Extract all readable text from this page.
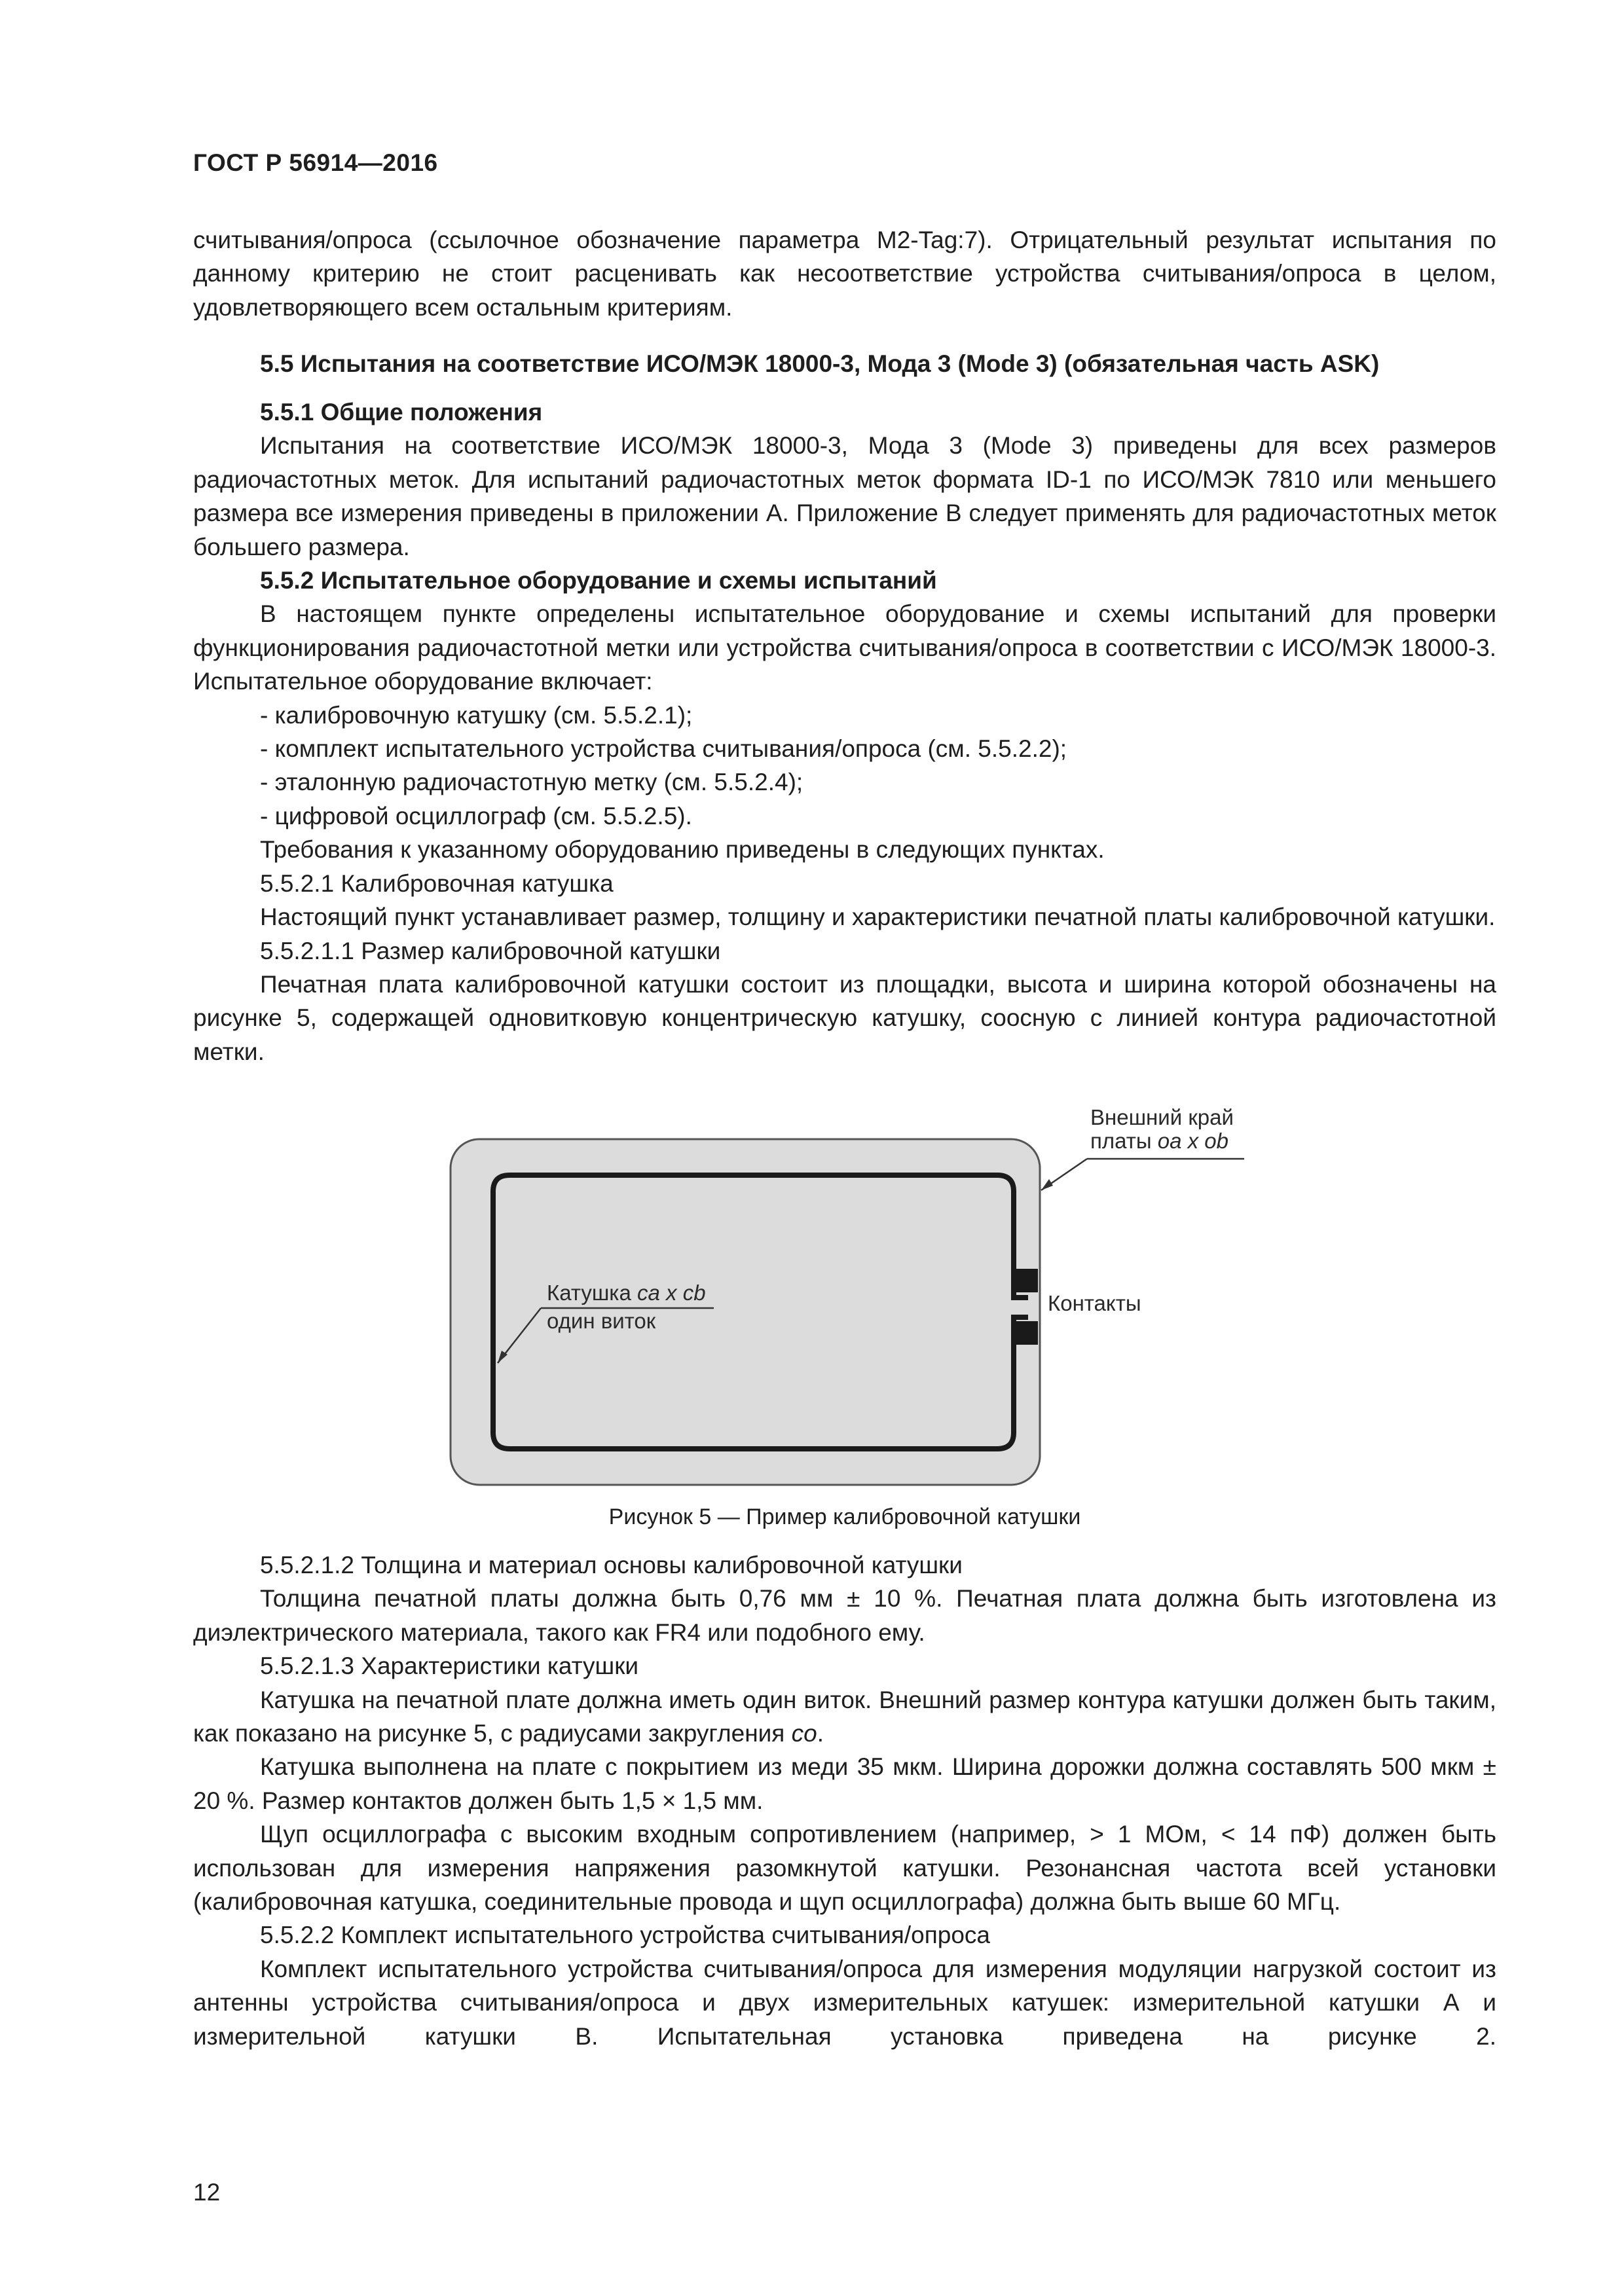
ГОСТ Р 56914—2016

считывания/опроса (ссылочное обозначение параметра M2-Tag:7). Отрицательный результат испытания по данному критерию не стоит расценивать как несоответствие устройства считывания/опроса в целом, удовлетворяющего всем остальным критериям.

5.5 Испытания на соответствие ИСО/МЭК 18000-3, Мода 3 (Mode 3) (обязательная часть ASK)

5.5.1 Общие положения

Испытания на соответствие ИСО/МЭК 18000-3, Мода 3 (Mode 3) приведены для всех размеров радиочастотных меток. Для испытаний радиочастотных меток формата ID-1 по ИСО/МЭК 7810 или меньшего размера все измерения приведены в приложении А. Приложение В следует применять для радиочастотных меток большего размера.

5.5.2 Испытательное оборудование и схемы испытаний

В настоящем пункте определены испытательное оборудование и схемы испытаний для проверки функционирования радиочастотной метки или устройства считывания/опроса в соответствии с ИСО/МЭК 18000-3. Испытательное оборудование включает:

- калибровочную катушку (см. 5.5.2.1);

- комплект испытательного устройства считывания/опроса (см. 5.5.2.2);

- эталонную радиочастотную метку (см. 5.5.2.4);

- цифровой осциллограф (см. 5.5.2.5).

Требования к указанному оборудованию приведены в следующих пунктах.

5.5.2.1 Калибровочная катушка

Настоящий пункт устанавливает размер, толщину и характеристики печатной платы калибровочной катушки.

5.5.2.1.1 Размер калибровочной катушки

Печатная плата калибровочной катушки состоит из площадки, высота и ширина которой обозначены на рисунке 5, содержащей одновитковую концентрическую катушку, соосную с линией контура радиочастотной метки.

Внешний край
платы oa x ob
Катушка ca x cb
один виток
Контакты
Рисунок 5 — Пример калибровочной катушки

5.5.2.1.2 Толщина и материал основы калибровочной катушки

Толщина печатной платы должна быть 0,76 мм ± 10 %. Печатная плата должна быть изготовлена из диэлектрического материала, такого как FR4 или подобного ему.

5.5.2.1.3 Характеристики катушки

Катушка на печатной плате должна иметь один виток. Внешний размер контура катушки должен быть таким, как показано на рисунке 5, с радиусами закругления co.

Катушка выполнена на плате с покрытием из меди 35 мкм. Ширина дорожки должна составлять 500 мкм ± 20 %. Размер контактов должен быть 1,5 × 1,5 мм.

Щуп осциллографа с высоким входным сопротивлением (например, > 1 МОм, < 14 пФ) должен быть использован для измерения напряжения разомкнутой катушки. Резонансная частота всей установки (калибровочная катушка, соединительные провода и щуп осциллографа) должна быть выше 60 МГц.

5.5.2.2 Комплект испытательного устройства считывания/опроса

Комплект испытательного устройства считывания/опроса для измерения модуляции нагрузкой состоит из антенны устройства считывания/опроса и двух измерительных катушек: измерительной катушки А и измерительной катушки В. Испытательная установка приведена на рисунке 2.

12
